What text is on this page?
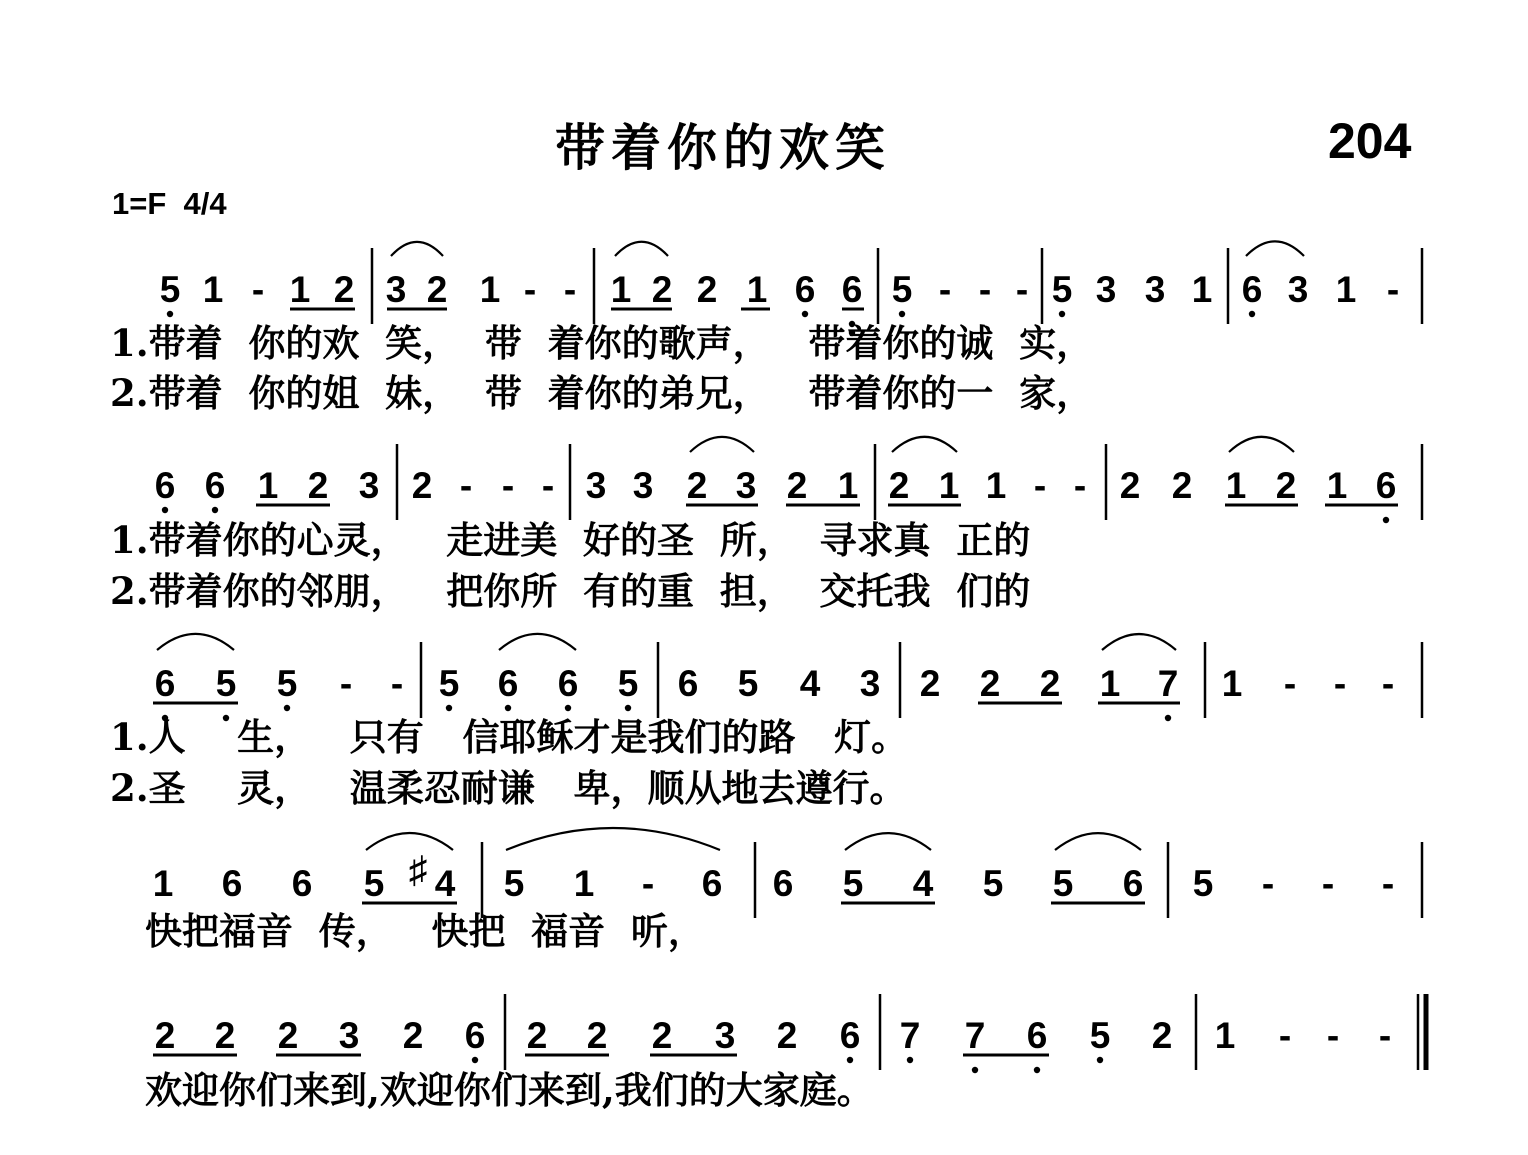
带着你的欢笑	204
1=F  4/4
5 1 - 1 2 3 2 1 - - 1 2 2 1 6 6 5 - - - 5 3 3 1 6 3 1 -
1.带着  你的欢  笑，  带  着你的歌声，   带着你的诚  实，
2.带着  你的姐  妹，  带  着你的弟兄，   带着你的一  家，
6 6 1 2 3 2 - - - 3 3 2 3 2 1 2 1 1 - - 2 2 1 2 1 6
1.带着你的心灵，   走进美  好的圣  所，  寻求真  正的
2.带着你的邻朋，   把你所  有的重  担，  交托我  们的
6 5 5 - - 5 6 6 5 6 5 4 3 2 2 2 1 7 1 - - -
1.人    生，   只有   信耶稣才是我们的路   灯。
2.圣    灵，   温柔忍耐谦   卑，顺从地去遵行。
1 6 6 5 ♯ 4 5 1 - 6 6 5 4 5 5 6 5 - - -
快把福音  传，   快把  福音  听，
2 2 2 3 2 6 2 2 2 3 2 6 7 7 6 5 2 1 - - -
欢迎你们来到,欢迎你们来到,我们的大家庭。
